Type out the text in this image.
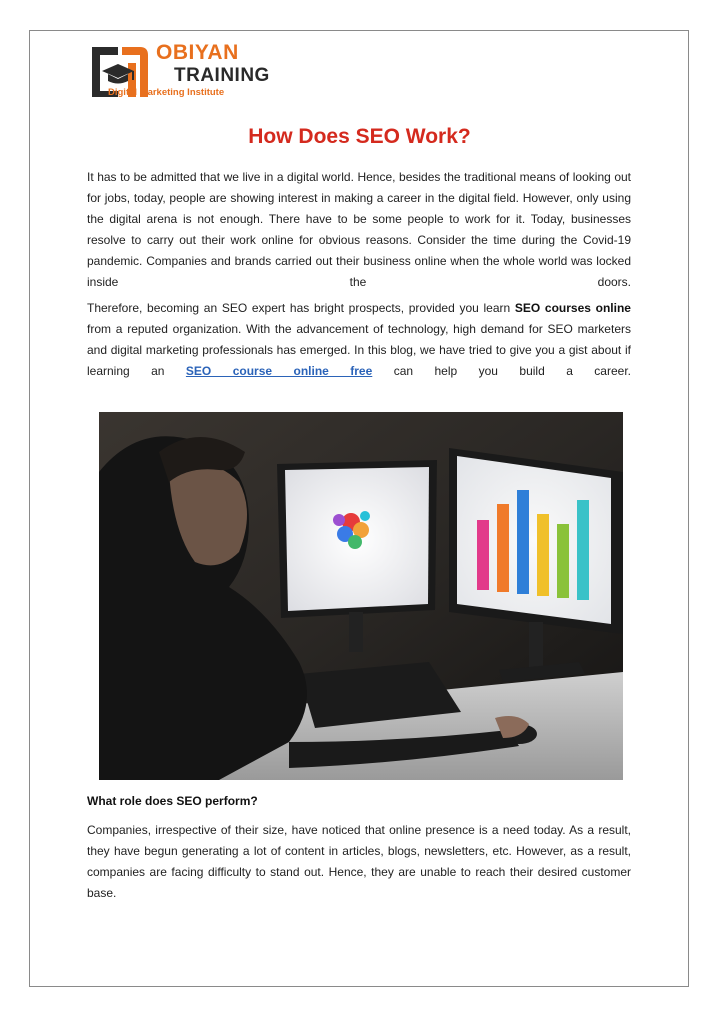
OBIYAN
TRAINING
Digital Marketing Institute
How Does SEO Work?

It has to be admitted that we live in a digital world. Hence, besides the traditional means of looking out for jobs, today, people are showing interest in making a career in the digital field. However, only using the digital arena is not enough. There have to be some people to work for it. Today, businesses resolve to carry out their work online for obvious reasons. Consider the time during the Covid-19 pandemic. Companies and brands carried out their business online when the whole world was locked inside the doors.

Therefore, becoming an SEO expert has bright prospects, provided you learn SEO courses online from a reputed organization. With the advancement of technology, high demand for SEO marketers and digital marketing professionals has emerged. In this blog, we have tried to give you a gist about if learning an SEO course online free can help you build a career.

What role does SEO perform?

Companies, irrespective of their size, have noticed that online presence is a need today. As a result, they have begun generating a lot of content in articles, blogs, newsletters, etc. However, as a result, companies are facing difficulty to stand out. Hence, they are unable to reach their desired customer base.
